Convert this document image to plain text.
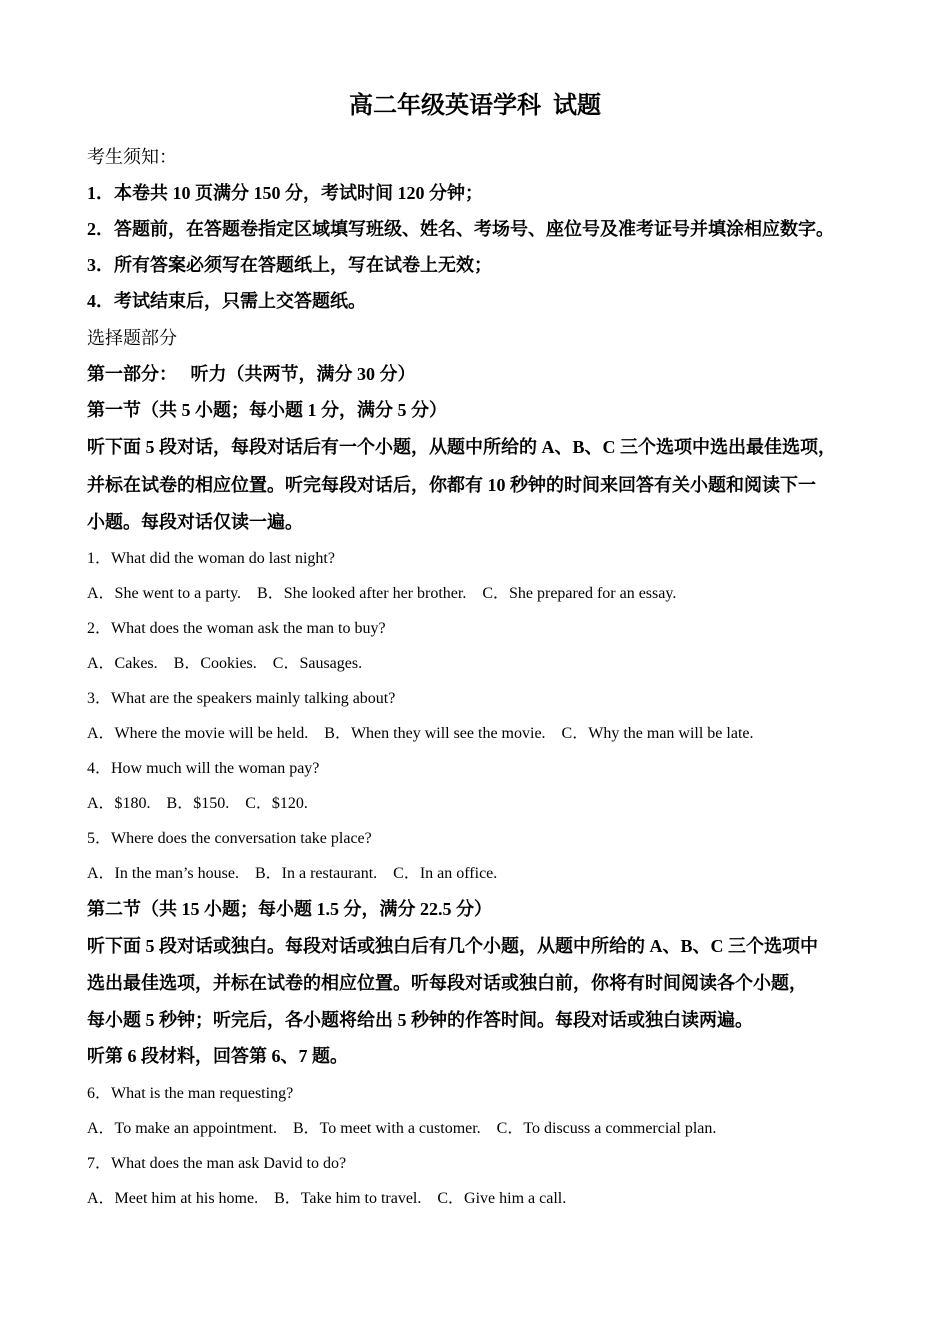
高二年级英语学科  试题
考生须知：
1．本卷共 10 页满分 150 分，考试时间 120 分钟；
2．答题前，在答题卷指定区域填写班级、姓名、考场号、座位号及准考证号并填涂相应数字。
3．所有答案必须写在答题纸上，写在试卷上无效；
4．考试结束后，只需上交答题纸。
选择题部分
第一部分：   听力（共两节，满分 30 分）
第一节（共 5 小题；每小题 1 分，满分 5 分）
听下面 5 段对话，每段对话后有一个小题，从题中所给的 A、B、C 三个选项中选出最佳选项，
并标在试卷的相应位置。听完每段对话后，你都有 10 秒钟的时间来回答有关小题和阅读下一
小题。每段对话仅读一遍。
1．What did the woman do last night?
A．She went to a party.    B．She looked after her brother.    C．She prepared for an essay.
2．What does the woman ask the man to buy?
A．Cakes.    B．Cookies.    C．Sausages.
3．What are the speakers mainly talking about?
A．Where the movie will be held.    B．When they will see the movie.    C．Why the man will be late.
4．How much will the woman pay?
A．$180.    B．$150.    C．$120.
5．Where does the conversation take place?
A．In the man’s house.    B．In a restaurant.    C．In an office.
第二节（共 15 小题；每小题 1.5 分，满分 22.5 分）
听下面 5 段对话或独白。每段对话或独白后有几个小题，从题中所给的 A、B、C 三个选项中
选出最佳选项，并标在试卷的相应位置。听每段对话或独白前，你将有时间阅读各个小题，
每小题 5 秒钟；听完后，各小题将给出 5 秒钟的作答时间。每段对话或独白读两遍。
听第 6 段材料，回答第 6、7 题。
6．What is the man requesting?
A．To make an appointment.    B．To meet with a customer.    C．To discuss a commercial plan.
7．What does the man ask David to do?
A．Meet him at his home.    B．Take him to travel.    C．Give him a call.
